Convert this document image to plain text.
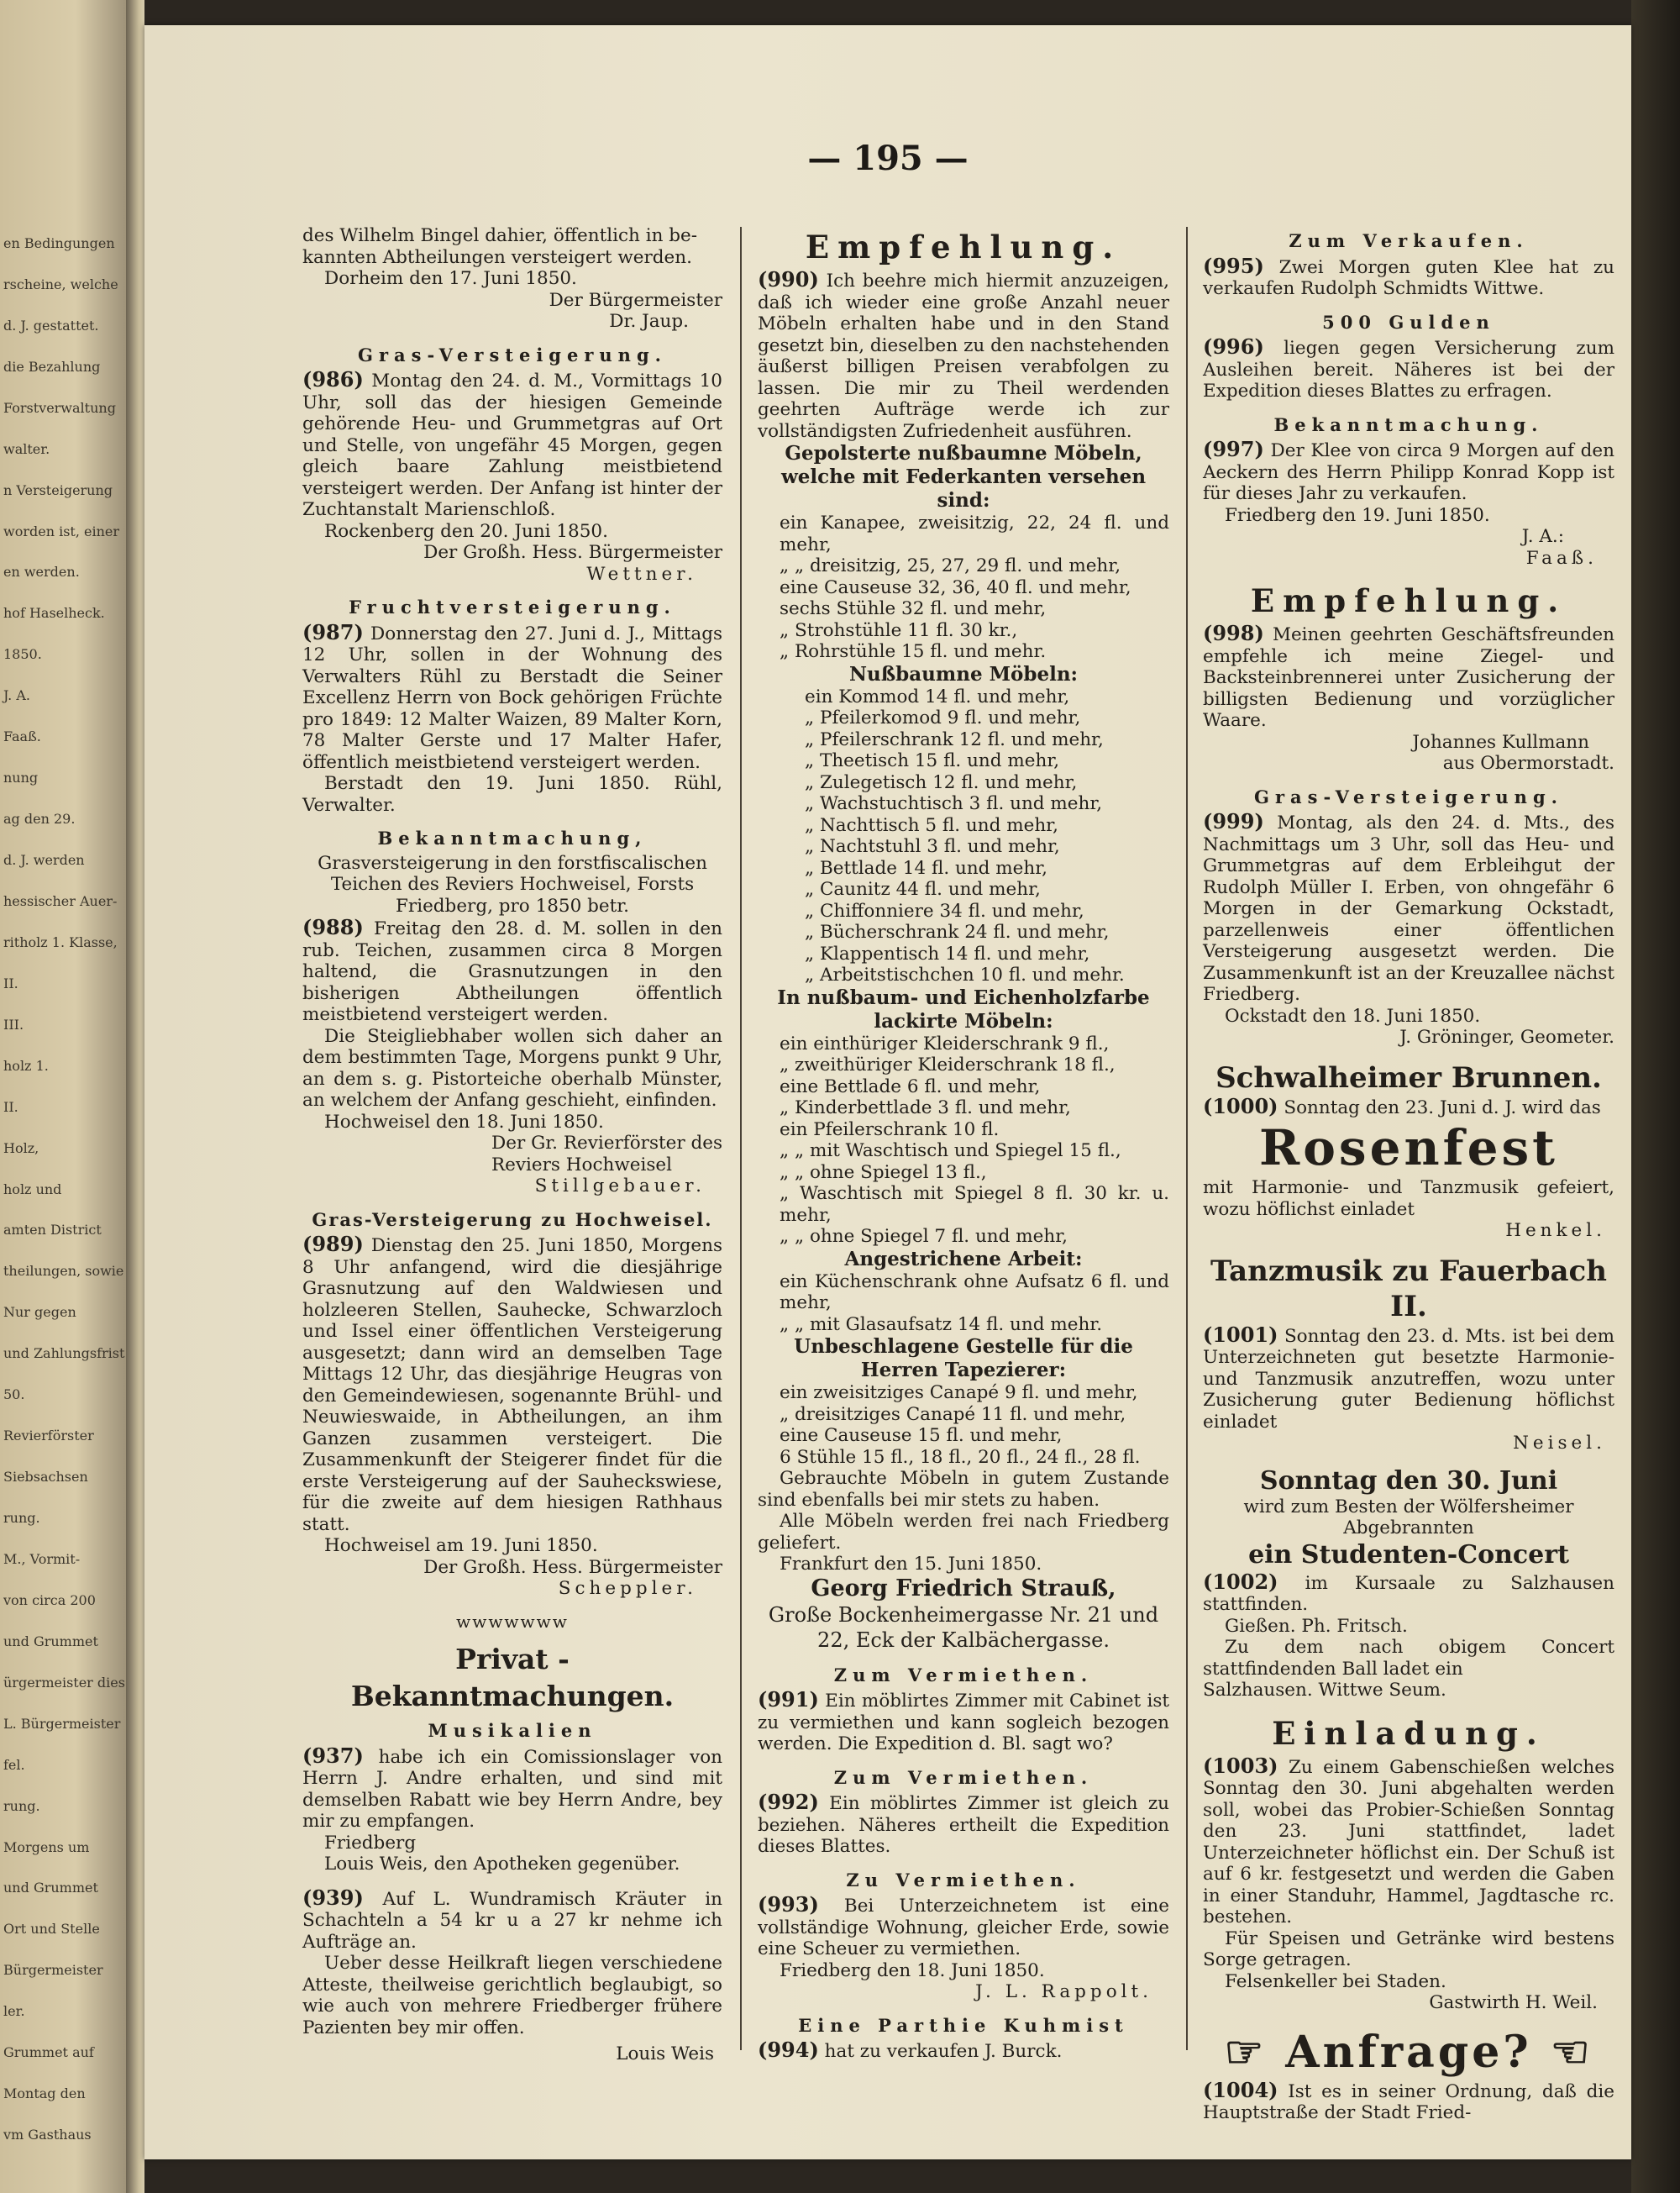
en Bedingungen
rscheine, welche
d. J. gestattet.
die Bezahlung
Forstverwaltung
walter.
n Versteigerung
worden ist, einer
en werden.
hof Haselheck.
1850.
J. A.
Faaß.
nung
ag den 29.
d. J. werden
hessischer Auer-
ritholz 1. Klasse,
II.
III.
holz 1.
II.
Holz,
holz und
amten District
theilungen, sowie
Nur gegen
und Zahlungsfrist
50.
Revierförster
Siebsachsen
rung.
M., Vormit-
von circa 200
und Grummet
ürgermeister dies
L. Bürgermeister
fel.
rung.
Morgens um
und Grummet
Ort und Stelle
Bürgermeister
ler.
Grummet auf
Montag den
vm Gasthaus
— 195 —

des Wilhelm Bingel dahier, öffentlich in be-

kannten Abtheilungen versteigert werden.

Dorheim den 17. Juni 1850.

Der Bürgermeister

Dr. Jaup.

Gras-Versteigerung.

(986) Montag den 24. d. M., Vormittags 10 Uhr, soll das der hiesigen Gemeinde gehörende Heu- und Grummetgras auf Ort und Stelle, von ungefähr 45 Morgen, gegen gleich baare Zahlung meistbietend versteigert werden. Der Anfang ist hinter der Zuchtanstalt Marienschloß.

Rockenberg den 20. Juni 1850.

Der Großh. Hess. Bürgermeister

Wettner.

Fruchtversteigerung.

(987) Donnerstag den 27. Juni d. J., Mittags 12 Uhr, sollen in der Wohnung des Verwalters Rühl zu Berstadt die Seiner Excellenz Herrn von Bock gehörigen Früchte pro 1849: 12 Malter Waizen, 89 Malter Korn, 78 Malter Gerste und 17 Malter Hafer, öffentlich meistbietend versteigert werden.

Berstadt den 19. Juni 1850. Rühl, Verwalter.

Bekanntmachung,

Grasversteigerung in den forstfiscalischen Teichen des Reviers Hochweisel, Forsts Friedberg, pro 1850 betr.

(988) Freitag den 28. d. M. sollen in den rub. Teichen, zusammen circa 8 Morgen haltend, die Grasnutzungen in den bisherigen Abtheilungen öffentlich meistbietend versteigert werden.

Die Steigliebhaber wollen sich daher an dem bestimmten Tage, Morgens punkt 9 Uhr, an dem s. g. Pistorteiche oberhalb Münster, an welchem der Anfang geschieht, einfinden.

Hochweisel den 18. Juni 1850.

Der Gr. Revierförster des

Reviers Hochweisel

Stillgebauer.

Gras-Versteigerung zu Hochweisel.

(989) Dienstag den 25. Juni 1850, Morgens 8 Uhr anfangend, wird die diesjährige Grasnutzung auf den Waldwiesen und holzleeren Stellen, Sauhecke, Schwarzloch und Issel einer öffentlichen Versteigerung ausgesetzt; dann wird an demselben Tage Mittags 12 Uhr, das diesjährige Heugras von den Gemeindewiesen, sogenannte Brühl- und Neuwieswaide, in Abtheilungen, an ihm Ganzen zusammen versteigert. Die Zusammenkunft der Steigerer findet für die erste Versteigerung auf der Sauheckswiese, für die zweite auf dem hiesigen Rathhaus statt.

Hochweisel am 19. Juni 1850.

Der Großh. Hess. Bürgermeister

Scheppler.

wwwwwww
Privat - Bekanntmachungen.
Musikalien

(937) habe ich ein Comissionslager von Herrn J. Andre erhalten, und sind mit demselben Rabatt wie bey Herrn Andre, bey mir zu empfangen.

Friedberg

Louis Weis, den Apotheken gegenüber.

(939) Auf L. Wundramisch Kräuter in Schachteln a 54 kr u a 27 kr nehme ich Aufträge an.

Ueber desse Heilkraft liegen verschiedene Atteste, theilweise gerichtlich beglaubigt, so wie auch von mehrere Friedberger frühere Pazienten bey mir offen.

Louis Weis

Empfehlung.

(990) Ich beehre mich hiermit anzuzeigen, daß ich wieder eine große Anzahl neuer Möbeln erhalten habe und in den Stand gesetzt bin, dieselben zu den nachstehenden äußerst billigen Preisen verabfolgen zu lassen. Die mir zu Theil werdenden geehrten Aufträge werde ich zur vollständigsten Zufriedenheit ausführen.

Gepolsterte nußbaumne Möbeln, welche mit Federkanten versehen sind:

ein Kanapee, zweisitzig, 22, 24 fl. und mehr,

„ „ dreisitzig, 25, 27, 29 fl. und mehr,

eine Causeuse 32, 36, 40 fl. und mehr,

sechs Stühle 32 fl. und mehr,

„ Strohstühle 11 fl. 30 kr.,

„ Rohrstühle 15 fl. und mehr.

Nußbaumne Möbeln:

ein Kommod 14 fl. und mehr,

„ Pfeilerkomod 9 fl. und mehr,

„ Pfeilerschrank 12 fl. und mehr,

„ Theetisch 15 fl. und mehr,

„ Zulegetisch 12 fl. und mehr,

„ Wachstuchtisch 3 fl. und mehr,

„ Nachttisch 5 fl. und mehr,

„ Nachtstuhl 3 fl. und mehr,

„ Bettlade 14 fl. und mehr,

„ Caunitz 44 fl. und mehr,

„ Chiffonniere 34 fl. und mehr,

„ Bücherschrank 24 fl. und mehr,

„ Klappentisch 14 fl. und mehr,

„ Arbeitstischchen 10 fl. und mehr.

In nußbaum- und Eichenholzfarbe lackirte Möbeln:

ein einthüriger Kleiderschrank 9 fl.,

„ zweithüriger Kleiderschrank 18 fl.,

eine Bettlade 6 fl. und mehr,

„ Kinderbettlade 3 fl. und mehr,

ein Pfeilerschrank 10 fl.

„ „ mit Waschtisch und Spiegel 15 fl.,

„ „ ohne Spiegel 13 fl.,

„ Waschtisch mit Spiegel 8 fl. 30 kr. u. mehr,

„ „ ohne Spiegel 7 fl. und mehr,

Angestrichene Arbeit:

ein Küchenschrank ohne Aufsatz 6 fl. und mehr,

„ „ mit Glasaufsatz 14 fl. und mehr.

Unbeschlagene Gestelle für die Herren Tapezierer:

ein zweisitziges Canapé 9 fl. und mehr,

„ dreisitziges Canapé 11 fl. und mehr,

eine Causeuse 15 fl. und mehr,

6 Stühle 15 fl., 18 fl., 20 fl., 24 fl., 28 fl.

Gebrauchte Möbeln in gutem Zustande sind ebenfalls bei mir stets zu haben.

Alle Möbeln werden frei nach Friedberg geliefert.

Frankfurt den 15. Juni 1850.

Georg Friedrich Strauß,

Große Bockenheimergasse Nr. 21 und 22, Eck der Kalbächergasse.

Zum Vermiethen.

(991) Ein möblirtes Zimmer mit Cabinet ist zu vermiethen und kann sogleich bezogen werden. Die Expedition d. Bl. sagt wo?

Zum Vermiethen.

(992) Ein möblirtes Zimmer ist gleich zu beziehen. Näheres ertheilt die Expedition dieses Blattes.

Zu Vermiethen.

(993) Bei Unterzeichnetem ist eine vollständige Wohnung, gleicher Erde, sowie eine Scheuer zu vermiethen.

Friedberg den 18. Juni 1850.

J. L. Rappolt.

Eine Parthie Kuhmist

(994) hat zu verkaufen J. Burck.

Zum Verkaufen.

(995) Zwei Morgen guten Klee hat zu verkaufen Rudolph Schmidts Wittwe.

500 Gulden

(996) liegen gegen Versicherung zum Ausleihen bereit. Näheres ist bei der Expedition dieses Blattes zu erfragen.

Bekanntmachung.

(997) Der Klee von circa 9 Morgen auf den Aeckern des Herrn Philipp Konrad Kopp ist für dieses Jahr zu verkaufen.

Friedberg den 19. Juni 1850.

J. A.:

Faaß.

Empfehlung.

(998) Meinen geehrten Geschäftsfreunden empfehle ich meine Ziegel- und Backsteinbrennerei unter Zusicherung der billigsten Bedienung und vorzüglicher Waare.

Johannes Kullmann

aus Obermorstadt.

Gras-Versteigerung.

(999) Montag, als den 24. d. Mts., des Nachmittags um 3 Uhr, soll das Heu- und Grummetgras auf dem Erbleihgut der Rudolph Müller I. Erben, von ohngefähr 6 Morgen in der Gemarkung Ockstadt, parzellenweis einer öffentlichen Versteigerung ausgesetzt werden. Die Zusammenkunft ist an der Kreuzallee nächst Friedberg.

Ockstadt den 18. Juni 1850.

J. Gröninger, Geometer.

Schwalheimer Brunnen.

(1000) Sonntag den 23. Juni d. J. wird das

Rosenfest

mit Harmonie- und Tanzmusik gefeiert, wozu höflichst einladet

Henkel.

Tanzmusik zu Fauerbach II.

(1001) Sonntag den 23. d. Mts. ist bei dem Unterzeichneten gut besetzte Harmonie- und Tanzmusik anzutreffen, wozu unter Zusicherung guter Bedienung höflichst einladet

Neisel.

Sonntag den 30. Juni

wird zum Besten der Wölfersheimer Abgebrannten

ein Studenten-Concert

(1002) im Kursaale zu Salzhausen stattfinden.

Gießen. Ph. Fritsch.

Zu dem nach obigem Concert stattfindenden Ball ladet ein

Salzhausen. Wittwe Seum.

Einladung.

(1003) Zu einem Gabenschießen welches Sonntag den 30. Juni abgehalten werden soll, wobei das Probier-Schießen Sonntag den 23. Juni stattfindet, ladet Unterzeichneter höflichst ein. Der Schuß ist auf 6 kr. festgesetzt und werden die Gaben in einer Standuhr, Hammel, Jagdtasche rc. bestehen.

Für Speisen und Getränke wird bestens Sorge getragen.

Felsenkeller bei Staden.

Gastwirth H. Weil.

☞ Anfrage? ☜

(1004) Ist es in seiner Ordnung, daß die Hauptstraße der Stadt Fried-
